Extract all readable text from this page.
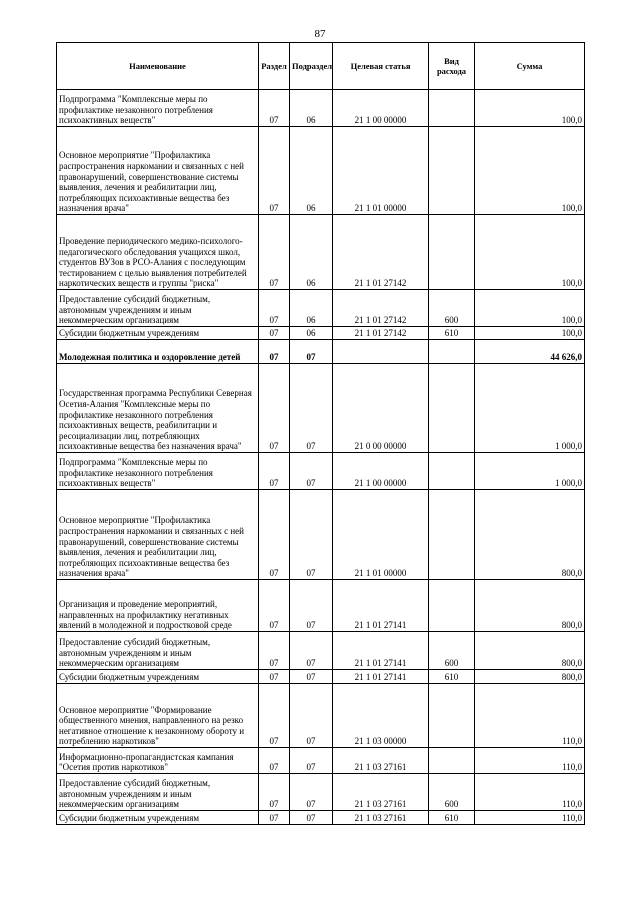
87
Наименование	Раздел	Подраздел	Целевая статья	Вид расхода	Сумма
Подпрограмма "Комплексные меры по профилактике незаконного потребления психоактивных веществ"	07	06	21 1 00 00000		100,0
Основное мероприятие "Профилактика распространения наркомании и связанных с ней правонарушений, совершенствование системы выявления, лечения и реабилитации лиц, потребляющих психоактивные вещества без назначения врача"	07	06	21 1 01 00000		100,0
Проведение периодического медико-психолого-педагогического обследования учащихся школ, студентов ВУЗов в РСО-Алания с последующим тестированием с целью выявления потребителей наркотических веществ и группы "риска"	07	06	21 1 01 27142		100,0
Предоставление субсидий бюджетным, автономным учреждениям и иным некоммерческим организациям	07	06	21 1 01 27142	600	100,0
Субсидии бюджетным учреждениям	07	06	21 1 01 27142	610	100,0
Молодежная политика и оздоровление детей	07	07			44 626,0
Государственная программа Республики Северная Осетия-Алания "Комплексные меры по профилактике незаконного потребления психоактивных веществ, реабилитации и ресоциализации лиц, потребляющих психоактивные вещества без назначения врача"	07	07	21 0 00 00000		1 000,0
Подпрограмма "Комплексные меры по профилактике незаконного потребления психоактивных веществ"	07	07	21 1 00 00000		1 000,0
Основное мероприятие "Профилактика распространения наркомании и связанных с ней правонарушений, совершенствование системы выявления, лечения и реабилитации лиц, потребляющих психоактивные вещества без назначения врача"	07	07	21 1 01 00000		800,0
Организация и проведение мероприятий, направленных на профилактику негативных явлений в молодежной и подростковой среде	07	07	21 1 01 27141		800,0
Предоставление субсидий бюджетным, автономным учреждениям и иным некоммерческим организациям	07	07	21 1 01 27141	600	800,0
Субсидии бюджетным учреждениям	07	07	21 1 01 27141	610	800,0
Основное мероприятие "Формирование общественного мнения, направленного на резко негативное отношение к незаконному обороту и потреблению наркотиков"	07	07	21 1 03 00000		110,0
Информационно-пропагандистская кампания "Осетия против наркотиков"	07	07	21 1 03 27161		110,0
Предоставление субсидий бюджетным, автономным учреждениям и иным некоммерческим организациям	07	07	21 1 03 27161	600	110,0
Субсидии бюджетным учреждениям	07	07	21 1 03 27161	610	110,0
